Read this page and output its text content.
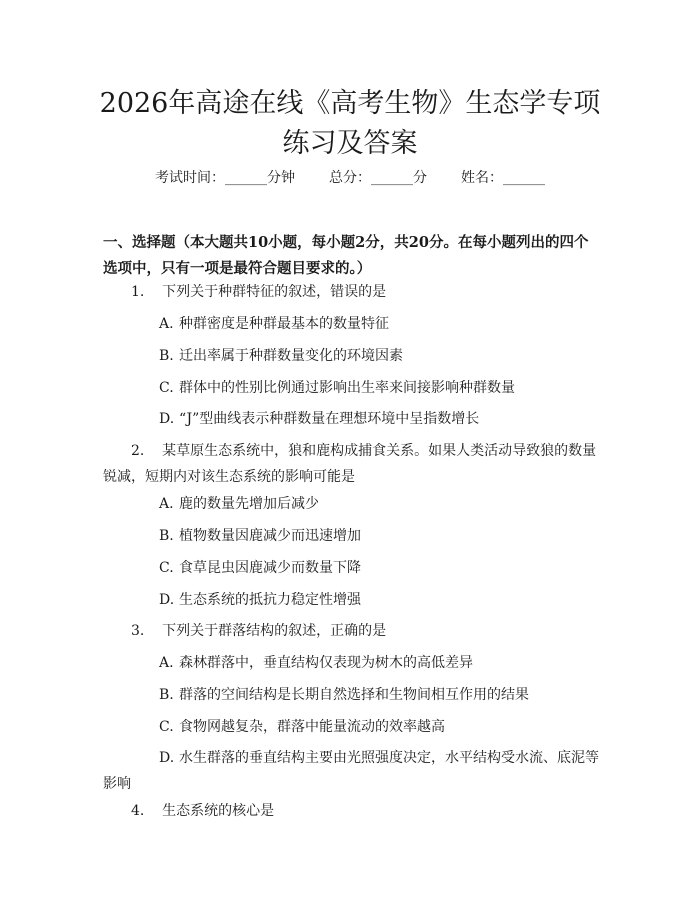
2026年高途在线《高考生物》生态学专项练习及答案
考试时间：______分钟 总分：______分 姓名：______

一、选择题（本大题共10小题，每小题2分，共20分。在每小题列出的四个选项中，只有一项是最符合题目要求的。）

1. 下列关于种群特征的叙述，错误的是
A. 种群密度是种群最基本的数量特征
B. 迁出率属于种群数量变化的环境因素
C. 群体中的性别比例通过影响出生率来间接影响种群数量
D. “J”型曲线表示种群数量在理想环境中呈指数增长
2. 某草原生态系统中，狼和鹿构成捕食关系。如果人类活动导致狼的数量锐减，短期内对该生态系统的影响可能是
A. 鹿的数量先增加后减少
B. 植物数量因鹿减少而迅速增加
C. 食草昆虫因鹿减少而数量下降
D. 生态系统的抵抗力稳定性增强
3. 下列关于群落结构的叙述，正确的是
A. 森林群落中，垂直结构仅表现为树木的高低差异
B. 群落的空间结构是长期自然选择和生物间相互作用的结果
C. 食物网越复杂，群落中能量流动的效率越高
D. 水生群落的垂直结构主要由光照强度决定，水平结构受水流、底泥等影响
4. 生态系统的核心是
